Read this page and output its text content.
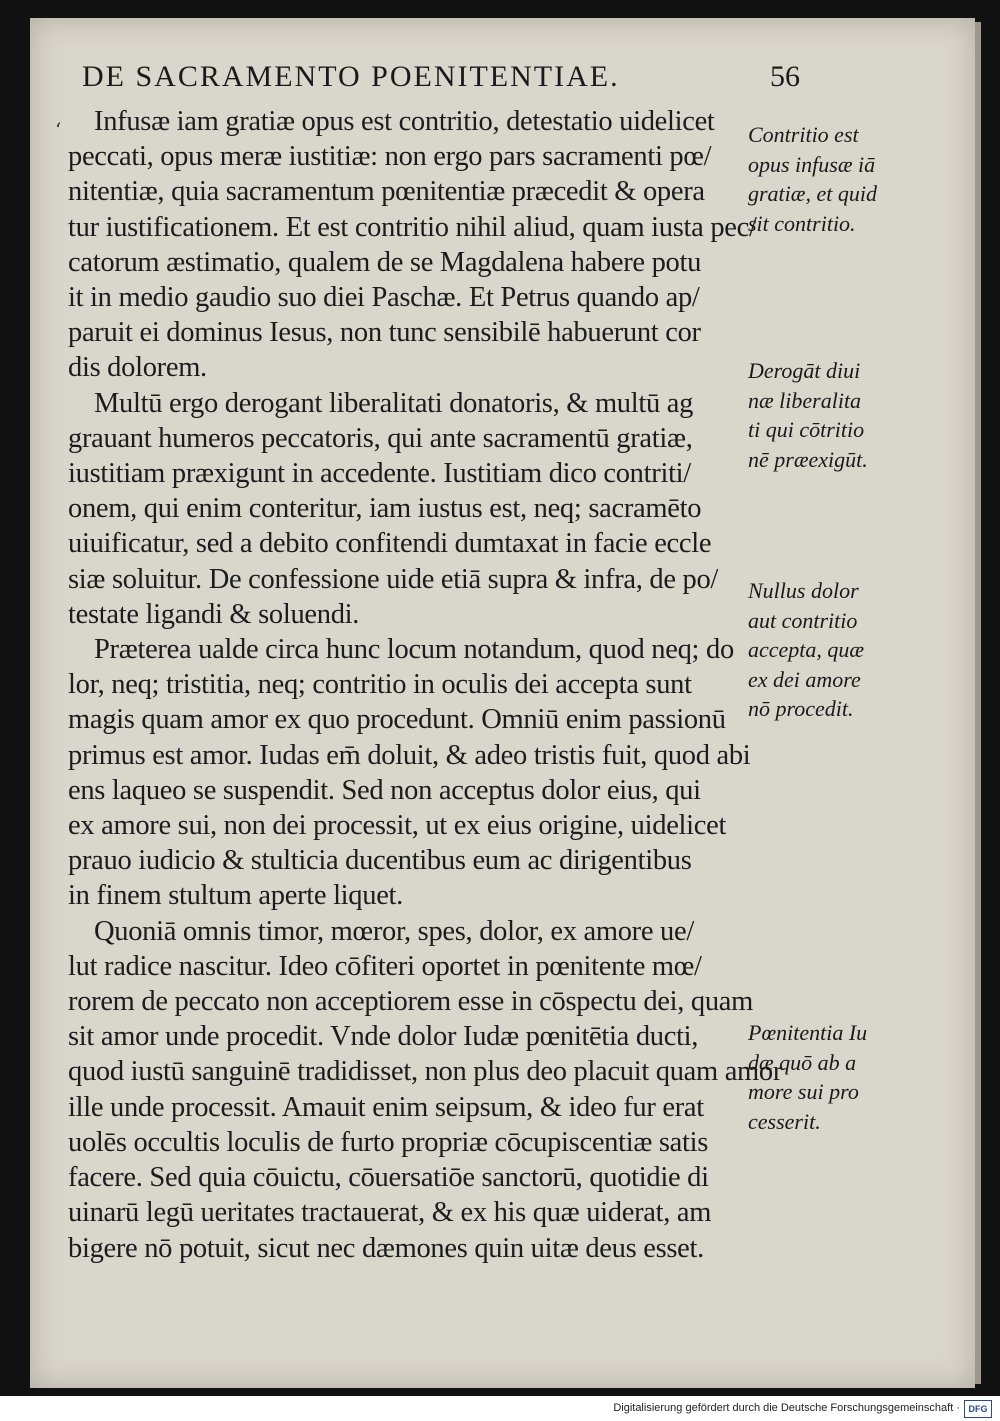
DE SACRAMENTO POENITENTIAE.	56
ʻ	Infusæ iam gratiæ opus est contritio, detestatio uidelicet
peccati, opus meræ iustitiæ: non ergo pars sacramenti pœ/
nitentiæ, quia sacramentum pœnitentiæ præcedit & opera
tur iustificationem. Et est contritio nihil aliud, quam iusta pec/
catorum æstimatio, qualem de se Magdalena habere potu
it in medio gaudio suo diei Paschæ. Et Petrus quando ap/
paruit ei dominus Iesus, non tunc sensibilē habuerunt cor
dis dolorem.
Multū ergo derogant liberalitati donatoris, & multū ag
grauant humeros peccatoris, qui ante sacramentū gratiæ,
iustitiam præxigunt in accedente. Iustitiam dico contriti/
onem, qui enim conteritur, iam iustus est, neq; sacramēto
uiuificatur, sed a debito confitendi dumtaxat in facie eccle
siæ soluitur. De confessione uide etiā supra & infra, de po/
testate ligandi & soluendi.
Præterea ualde circa hunc locum notandum, quod neq; do
lor, neq; tristitia, neq; contritio in oculis dei accepta sunt
magis quam amor ex quo procedunt. Omniū enim passionū
primus est amor. Iudas em̄ doluit, & adeo tristis fuit, quod abi
ens laqueo se suspendit. Sed non acceptus dolor eius, qui
ex amore sui, non dei processit, ut ex eius origine, uidelicet
prauo iudicio & stulticia ducentibus eum ac dirigentibus
in finem stultum aperte liquet.
Quoniā omnis timor, mœror, spes, dolor, ex amore ue/
lut radice nascitur. Ideo cōfiteri oportet in pœnitente mœ/
rorem de peccato non acceptiorem esse in cōspectu dei, quam
sit amor unde procedit. Vnde dolor Iudæ pœnitētia ducti,
quod iustū sanguinē tradidisset, non plus deo placuit quam amor
ille unde processit. Amauit enim seipsum, & ideo fur erat
uolēs occultis loculis de furto propriæ cōcupiscentiæ satis
facere. Sed quia cōuictu, cōuersatiōe sanctorū, quotidie di
uinarū legū ueritates tractauerat, & ex his quæ uiderat, am
bigere nō potuit, sicut nec dæmones quin uitæ deus esset.
Contritio est
opus infusæ iā
gratiæ, et quid
sit contritio.
Derogāt diui
næ liberalita
ti qui cōtritio
nē præexigūt.
Nullus dolor
aut contritio
accepta, quæ
ex dei amore
nō procedit.
Pœnitentia Iu
dæ quō ab a
more sui pro
cesserit.
Digitalisierung gefördert durch die Deutsche Forschungsgemeinschaft · DFG
